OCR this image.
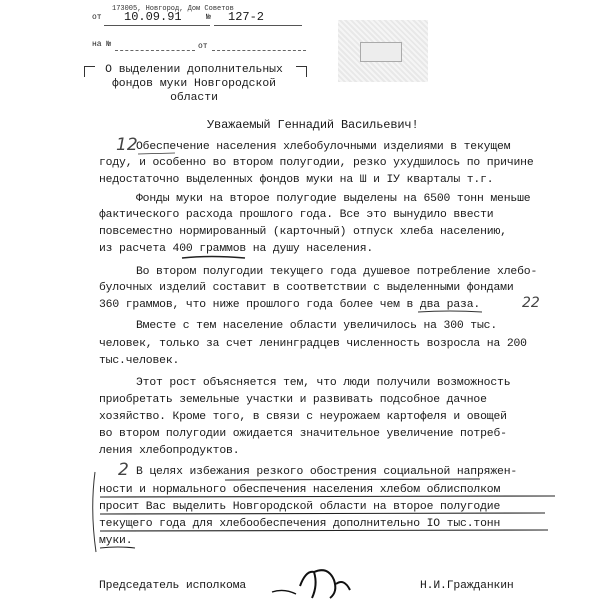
173005, Новгород, Дом Советов
от 10.09.91	№ 127-2
на №	от
О выделении дополнительных
фондов муки Новгородской
области
Уважаемый Геннадий Васильевич!
Обеспечение населения хлебобулочными изделиями в текущем
году, и особенно во втором полугодии, резко ухудшилось по причине
недостаточно выделенных фондов муки на Ш и IУ кварталы т.г.
Фонды муки на второе полугодие выделены на 6500 тонн меньше
фактического расхода прошлого года. Все это вынудило ввести
повсеместно нормированный (карточный) отпуск хлеба населению,
из расчета 400 граммов на душу населения.
Во втором полугодии текущего года душевое потребление хлебо-
булочных изделий составит в соответствии с выделенными фондами
360 граммов, что ниже прошлого года более чем в два раза.
Вместе с тем население области увеличилось на 300 тыс.
человек, только за счет ленинградцев численность возросла на 200
тыс.человек.
Этот рост объясняется тем, что люди получили возможность
приобретать земельные участки и развивать подсобное дачное
хозяйство. Кроме того, в связи с неурожаем картофеля и овощей
во втором полугодии ожидается значительное увеличение потреб-
ления хлебопродуктов.
В целях избежания резкого обострения социальной напряжен-
ности и нормального обеспечения населения хлебом облисполком
просит Вас выделить Новгородской области на второе полугодие
текущего года для хлебообеспечения дополнительно IO тыс.тонн
муки.
Председатель исполкома	Н.И.Гражданкин
12
22
2
